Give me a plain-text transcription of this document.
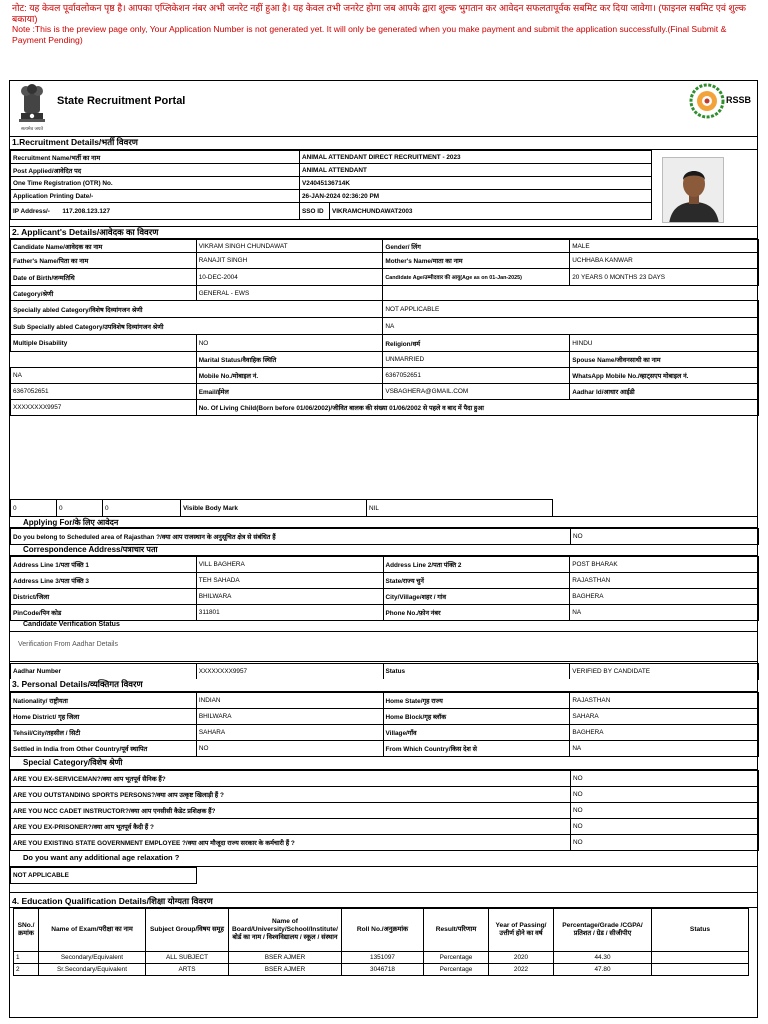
नोट: यह केवल पूर्वावलोकन पृष्ठ है। आपका एप्लिकेशन नंबर अभी जनरेट नहीं हुआ है। यह केवल तभी जनरेट होगा जब आपके द्वारा शुल्क भुगतान कर आवेदन सफलतापूर्वक सबमिट कर दिया जावेगा। (फाइनल सबमिट एवं शुल्क बकाया)
Note :This is the preview page only, Your Application Number is not generated yet. It will only be generated when you make payment and submit the application successfully.(Final Submit & Payment Pending)
सत्यमेव जयते
State Recruitment Portal	RSSB
1.Recruitment Details/भर्ती विवरण
Recruitment Name/भर्ती का नाम	ANIMAL ATTENDANT DIRECT RECRUITMENT - 2023	
Post Applied/आवेदित पद	ANIMAL ATTENDANT	
One Time Registration (OTR) No.	V24045136714K	
Application Printing Date/-	26-JAN-2024 02:36:20 PM	
IP Address/- 117.208.123.127	SSO ID	VIKRAMCHUNDAWAT2003
2. Applicant's Details/आवेदक का विवरण
Candidate Name/आवेदक का नाम	VIKRAM SINGH CHUNDAWAT	Gender/ लिंग	MALE
Father's Name/पिता का नाम	RANAJIT SINGH	Mother's Name/माता का नाम	UCHHABA KANWAR
Date of Birth/जन्मतिथि	10-DEC-2004	Candidate Age/उम्मीदवार की आयु(Age as on 01-Jan-2025)	20 YEARS 0 MONTHS 23 DAYS
Category/श्रेणी	GENERAL - EWS		
Specially abled Category/विशेष दिव्यांगजन श्रेणी		NOT APPLICABLE	
Sub Specially abled Category/उपविशेष दिव्यांगजन श्रेणी		NA	
Multiple Disability	NO	Religion/धर्म	HINDU
	Marital Status/वैवाहिक स्थिति	UNMARRIED	Spouse Name/जीवनसाथी का नाम
NA	Mobile No./मोबाइल नं.	6367052651	WhatsApp Mobile No./व्हाट्सएप मोबाइल नं.
6367052651	Email/ईमेल	VSBAGHERA@GMAIL.COM	Aadhar Id/आधार आईडी
XXXXXXXX9957	No. Of Living Child(Born before 01/06/2002)/जीवित बालक की संख्या 01/06/2002 से पहले व बाद में पैदा हुआ		
0	0	0	Visible Body Mark	NIL
Applying For/के लिए आवेदन
Do you belong to Scheduled area of Rajasthan ?/क्या आप राजस्थान के अनुसूचित क्षेत्र से संबंधित हैं	NO
Correspondence Address/पत्राचार पता
Address Line 1/पता पंक्ति 1	VILL BAGHERA	Address Line 2/पता पंक्ति 2	POST BHARAK
Address Line 3/पता पंक्ति 3	TEH SAHADA	State/राज्य चुनें	RAJASTHAN
District/जिला	BHILWARA	City/Village/शहर / गांव	BAGHERA
PinCode/पिन कोड	311801	Phone No./फ़ोन नंबर	NA
Candidate Verification Status
Verification From Aadhar Details
Aadhar Number	XXXXXXXX9957	Status	VERIFIED BY CANDIDATE
3. Personal Details/व्यक्तिगत विवरण
Nationality/ राष्ट्रीयता	INDIAN	Home State/गृह राज्य	RAJASTHAN
Home District/ गृह जिला	BHILWARA	Home Block/गृह ब्लॉक	SAHARA
Tehsil/City/तहसील / सिटी	SAHARA	Village/गाँव	BAGHERA
Settled in India from Other Country/पूर्व स्थापित	NO	From Which Country/किस देश से	NA
Special Category/विशेष श्रेणी
ARE YOU EX-SERVICEMAN?/क्या आप भूतपूर्व सैनिक हैं?	NO
ARE YOU OUTSTANDING SPORTS PERSONS?/क्या आप उत्कृष्ट खिलाड़ी हैं ?	NO
ARE YOU NCC CADET INSTRUCTOR?/क्या आप एनसीसी कैडेट प्रशिक्षक हैं?	NO
ARE YOU EX-PRISONER?/क्या आप भूतपूर्व कैदी हैं ?	NO
ARE YOU EXISTING STATE GOVERNMENT EMPLOYEE ?/क्या आप मौजूदा राज्य सरकार के कर्मचारी हैं ?	NO
Do you want any additional age relaxation ?
NOT APPLICABLE
4. Education Qualification Details/शिक्षा योग्यता विवरण
SNo./क्रमांक	Name of Exam/परीक्षा का नाम	Subject Group/विषय समूह	Name of Board/University/School/Institute/बोर्ड का नाम / विश्वविद्यालय / स्कूल / संस्थान	Roll No./अनुक्रमांक	Result/परिणाम	Year of Passing/उत्तीर्ण होने का वर्ष	Percentage/Grade /CGPA/प्रतिशत / ग्रेड / सीजीपीए	Status
1	Secondary/Equivalent	ALL SUBJECT	BSER AJMER	1351097	Percentage	2020	44.30	
2	Sr.Secondary/Equivalent	ARTS	BSER AJMER	3046718	Percentage	2022	47.80	
